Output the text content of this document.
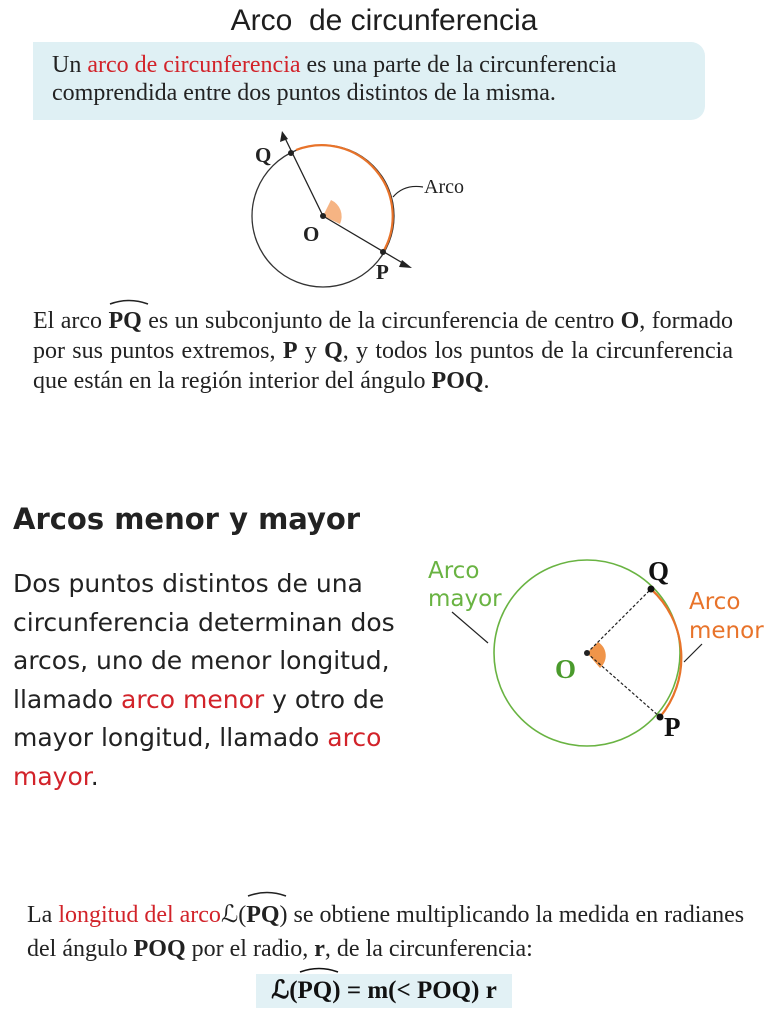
Arco  de circunferencia
Un arco de circunferencia es una parte de la circunferencia comprendida entre dos puntos distintos de la misma.
Q
O
P
Arco
El arco
PQ es un subconjunto de la circunferencia de centro O, formado por sus puntos extremos, P y Q, y todos los puntos de la circunferencia que están en la región interior del ángulo POQ.
Arcos menor y mayor
Dos puntos distintos de una circunferencia determinan dos arcos, uno de menor longitud, llamado arco menor y otro de mayor longitud, llamado arco mayor.
Arco
mayor	Arco
menor
Q
O
P
La longitud del arcoℒ(
PQ) se obtiene multiplicando la medida en radianes del ángulo POQ por el radio, r, de la circunferencia:
ℒ(
PQ) = m(< POQ) r
